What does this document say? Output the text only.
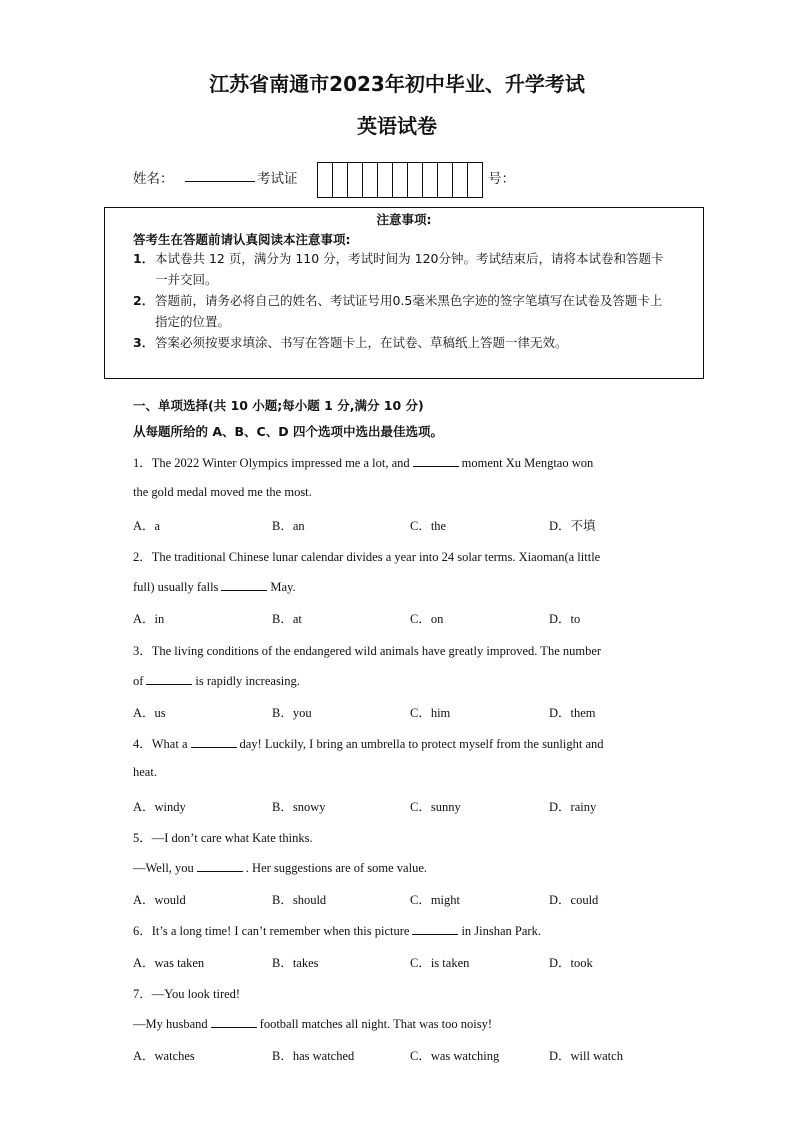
江苏省南通市2023年初中毕业、升学考试
英语试卷
姓名：	考试证	号：
注意事项:
答考生在答题前请认真阅读本注意事项:
1． 本试卷共 12 页，满分为 110 分，考试时间为 120分钟。考试结束后，请将本试卷和答题卡一并交回。
2． 答题前，请务必将自己的姓名、考试证号用0.5毫米黑色字迹的签字笔填写在试卷及答题卡上指定的位置。
3． 答案必须按要求填涂、书写在答题卡上，在试卷、草稿纸上答题一律无效。
一、单项选择(共 10 小题;每小题 1 分,满分 10 分)
从每题所给的 A、B、C、D 四个选项中选出最佳选项。
1．The 2022 Winter Olympics impressed me a lot, and	moment Xu Mengtao won
the gold medal moved me the most.
A．a	B．an	C．the	D．不填
2．The traditional Chinese lunar calendar divides a year into 24 solar terms. Xiaoman(a little
full) usually falls	May.
A．in	B．at	C．on	D．to
3．The living conditions of the endangered wild animals have greatly improved. The number
of	is rapidly increasing.
A．us	B．you	C．him	D．them
4．What a	day! Luckily, I bring an umbrella to protect myself from the sunlight and
heat.
A．windy	B．snowy	C．sunny	D．rainy
5．—I don’t care what Kate thinks.
—Well, you	. Her suggestions are of some value.
A．would	B．should	C．might	D．could
6．It’s a long time! I can’t remember when this picture	in Jinshan Park.
A．was taken	B．takes	C．is taken	D．took
7．—You look tired!
—My husband	football matches all night. That was too noisy!
A．watches	B．has watched	C．was watching	D．will watch
